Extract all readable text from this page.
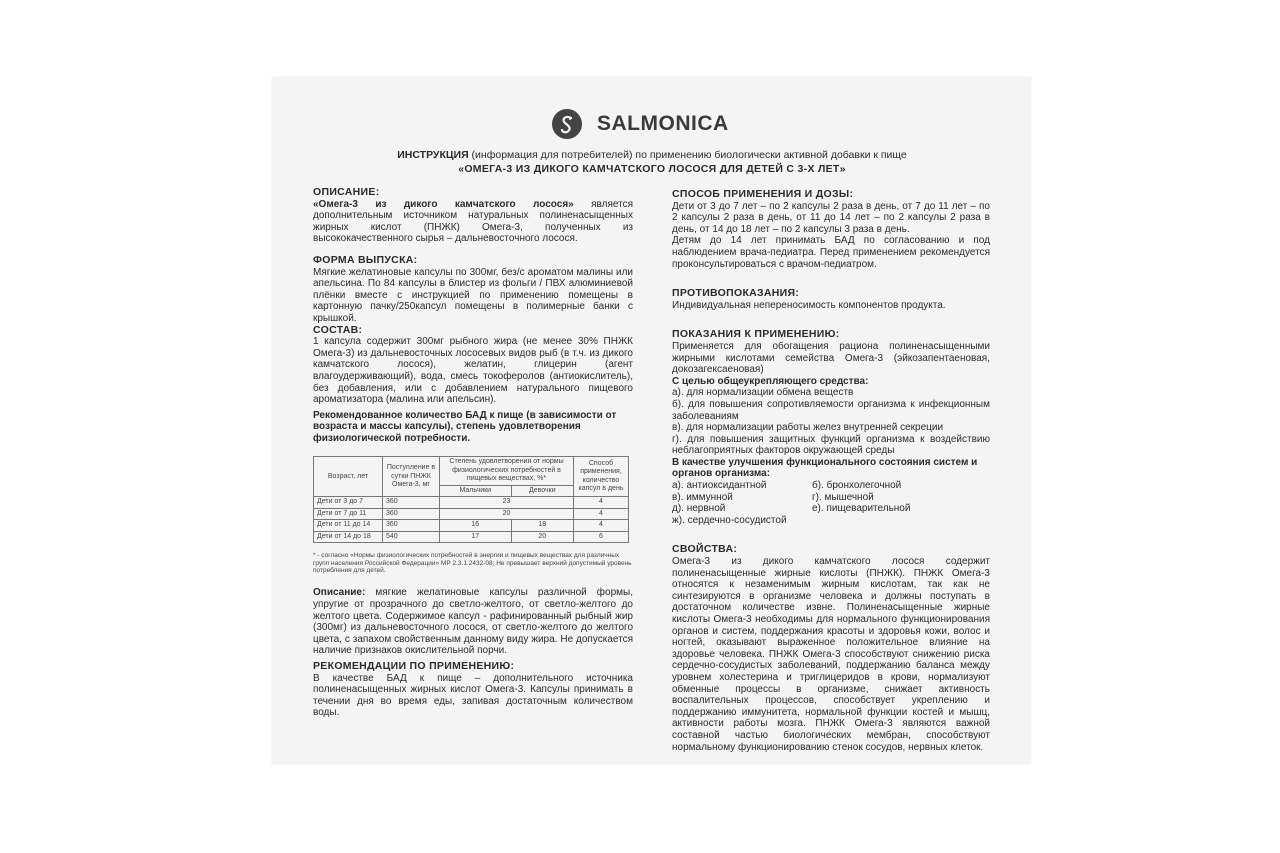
SALMONICA
ИНСТРУКЦИЯ (информация для потребителей) по применению биологически активной добавки к пище
«ОМЕГА-3 ИЗ ДИКОГО КАМЧАТСКОГО ЛОСОСЯ ДЛЯ ДЕТЕЙ С 3-Х ЛЕТ»

ОПИСАНИЕ:

«Омега-3 из дикого камчатского лосося» является дополнительным источником натуральных полиненасыщенных жирных кислот (ПНЖК) Омега-3, полученных из высококачественного сырья – дальневосточного лосося.

ФОРМА ВЫПУСКА:

Мягкие желатиновые капсулы по 300мг, без/с ароматом малины или апельсина. По 84 капсулы в блистер из фольги / ПВХ алюминиевой плёнки вместе с инструкцией по применению помещены в картонную пачку/250капсул помещены в полимерные банки с крышкой.

СОСТАВ:

1 капсула содержит 300мг рыбного жира (не менее 30% ПНЖК Омега-3) из дальневосточных лососевых видов рыб (в т.ч. из дикого камчатского лосося), желатин, глицерин (агент влагоудерживающий), вода, смесь токоферолов (антиокислитель), без добавления, или с добавлением натурального пищевого ароматизатора (малина или апельсин).

Рекомендованное количество БАД к пище (в зависимости от возраста и массы капсулы), степень удовлетворения физиологической потребности.

Возраст, лет	Поступление в сутки ПНЖК Омега-3, мг	Степень удовлетворения от нормы физиологических потребностей в пищевых веществах, %*		Способ применения, количество капсул в день
		Мальчики	Девочки	
Дети от 3 до 7	360	23		4
Дети от 7 до 11	360	20		4
Дети от 11 до 14	360	16	18	4
Дети от 14 до 18	540	17	20	6

* - согласно «Нормы физиологических потребностей в энергии и пищевых веществах для различных групп населения Российской Федерации» МР 2.3.1.2432-08; Не превышает верхний допустимый уровень потребления для детей.

Описание: мягкие желатиновые капсулы различной формы, упругие от прозрачного до светло-желтого, от светло-желтого до желтого цвета. Содержимое капсул - рафинированный рыбный жир (300мг) из дальневосточного лосося, от светло-желтого до желтого цвета, с запахом свойственным данному виду жира. Не допускается наличие признаков окислительной порчи.

РЕКОМЕНДАЦИИ ПО ПРИМЕНЕНИЮ:

В качестве БАД к пище – дополнительного источника полиненасыщенных жирных кислот Омега-3. Капсулы принимать в течении дня во время еды, запивая достаточным количеством воды.

СПОСОБ ПРИМЕНЕНИЯ И ДОЗЫ:

Дети от 3 до 7 лет – по 2 капсулы 2 раза в день, от 7 до 11 лет – по 2 капсулы 2 раза в день, от 11 до 14 лет – по 2 капсулы 2 раза в день, от 14 до 18 лет – по 2 капсулы 3 раза в день.

Детям до 14 лет принимать БАД по согласованию и под наблюдением врача-педиатра. Перед применением рекомендуется проконсультироваться с врачом-педиатром.

ПРОТИВОПОКАЗАНИЯ:

Индивидуальная непереносимость компонентов продукта.

ПОКАЗАНИЯ К ПРИМЕНЕНИЮ:

Применяется для обогащения рациона полиненасыщенными жирными кислотами семейства Омега-3 (эйкозапентаеновая, докозагексаеновая)

С целью общеукрепляющего средства:

а). для нормализации обмена веществ

б). для повышения сопротивляемости организма к инфекционным заболеваниям

в). для нормализации работы желез внутренней секреции

г). для повышения защитных функций организма к воздействию неблагоприятных факторов окружающей среды

В качестве улучшения функционального состояния систем и органов организма:

а). антиоксидантной	б). бронхолегочной
в). иммунной	г). мышечной
д). нервной	е). пищеварительной
ж). сердечно-сосудистой

СВОЙСТВА:

Омега-3 из дикого камчатского лосося содержит полиненасыщенные жирные кислоты (ПНЖК). ПНЖК Омега-3 относятся к незаменимым жирным кислотам, так как не синтезируются в организме человека и должны поступать в достаточном количестве извне. Полиненасыщенные жирные кислоты Омега-3 необходимы для нормального функционирования органов и систем, поддержания красоты и здоровья кожи, волос и ногтей, оказывают выраженное положительное влияние на здоровье человека. ПНЖК Омега-3 способствуют снижению риска сердечно-сосудистых заболеваний, поддержанию баланса между уровнем холестерина и триглицеридов в крови, нормализуют обменные процессы в организме, снижает активность воспалительных процессов, способствует укреплению и поддержанию иммунитета, нормальной функции костей и мышц, активности работы мозга. ПНЖК Омега-3 являются важной составной частью биологических мембран, способствуют нормальному функционированию стенок сосудов, нервных клеток.
